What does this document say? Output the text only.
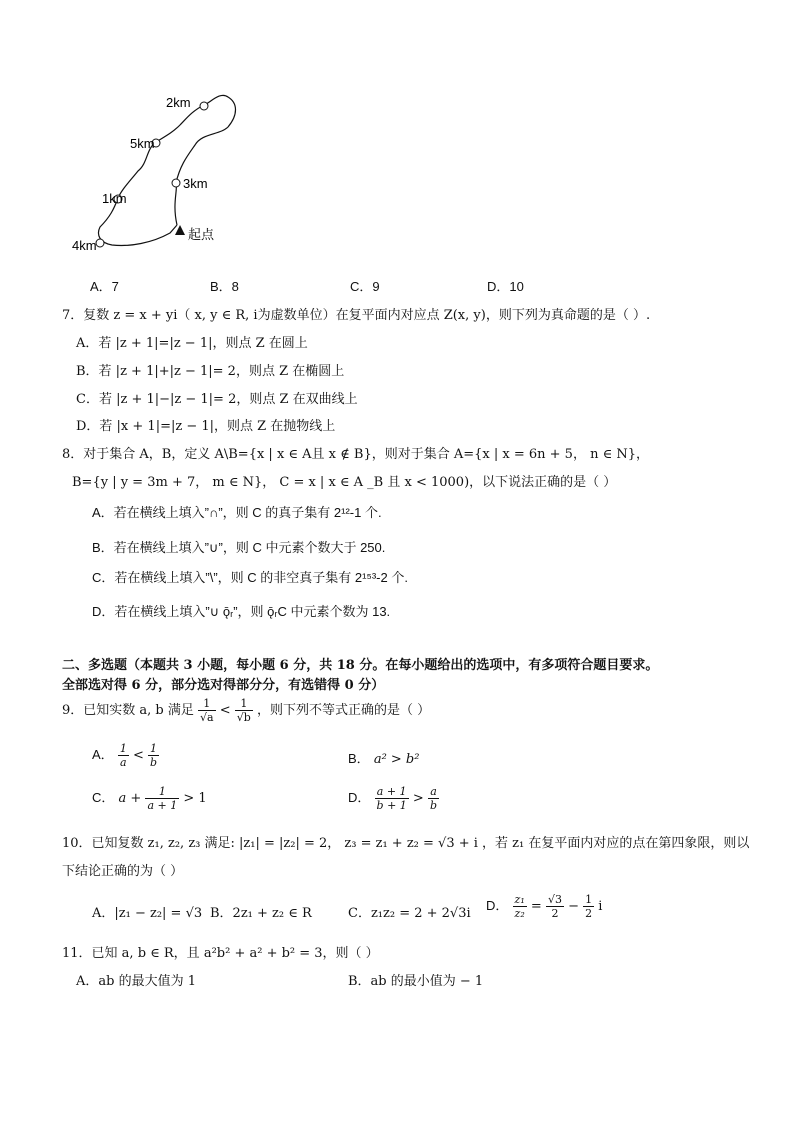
2km
5km
3km
1km
4km
起点
A．7	B．8	C．9	D．10
7．复数 z = x + yi（ x, y ∈ R, i为虚数单位）在复平面内对应点 Z(x, y)，则下列为真命题的是（ ）.
A．若 |z + 1|=|z − 1|，则点 Z 在圆上
B．若 |z + 1|+|z − 1|= 2，则点 Z 在椭圆上
C．若 |z + 1|−|z − 1|= 2，则点 Z 在双曲线上
D．若 |x + 1|=|z − 1|，则点 Z 在抛物线上
8．对于集合 A，B，定义 A\B={x | x ∈ A且 x ∉ B}，则对于集合 A={x | x = 6n + 5， n ∈ N}，
B={y | y = 3m + 7， m ∈ N}， C = x | x ∈ A _B 且 x < 1000)，以下说法正确的是（ ）
A．若在横线上填入”∩”，则 C 的真子集有 2¹²-1 个.
B．若在横线上填入”∪”，则 C 中元素个数大于 250.
C．若在横线上填入”\”，则 C 的非空真子集有 2¹⁵³-2 个.
D．若在横线上填入”∪ ǭᵣ”，则 ǭᵣC 中元素个数为 13.
二、多选题（本题共 3 小题，每小题 6 分，共 18 分。在每小题给出的选项中，有多项符合题目要求。
全部选对得 6 分，部分选对得部分分，有选错得 0 分）
9．已知实数 a, b 满足 $\frac{1}{√a} < \frac{1}{√b}$ ，则下列不等式正确的是（ ）
A． $\frac{1}{a} < \frac{1}{b}$	B． a² > b²
C． $a + \frac{1}{a + 1} > 1$	D． $\frac{a + 1}{b + 1} > \frac{a}{b}$
10．已知复数 z₁, z₂, z₃ 满足: |z₁| = |z₂| = 2， z₃ = z₁ + z₂ = √3 + i ，若 z₁ 在复平面内对应的点在第四象限，则以
下结论正确的为（ ）
A．|z₁ − z₂| = √3 B．2z₁ + z₂ ∈ R	C．z₁z₂ = 2 + 2√3i
D． $\frac{\text{z₁}}{\text{z₂}} = \frac{√3}{2} - \frac{1}{2}$ i
11．已知 a, b ∈ R，且 a²b² + a² + b² = 3，则（ ）
A．ab 的最大值为 1	B．ab 的最小值为 − 1
